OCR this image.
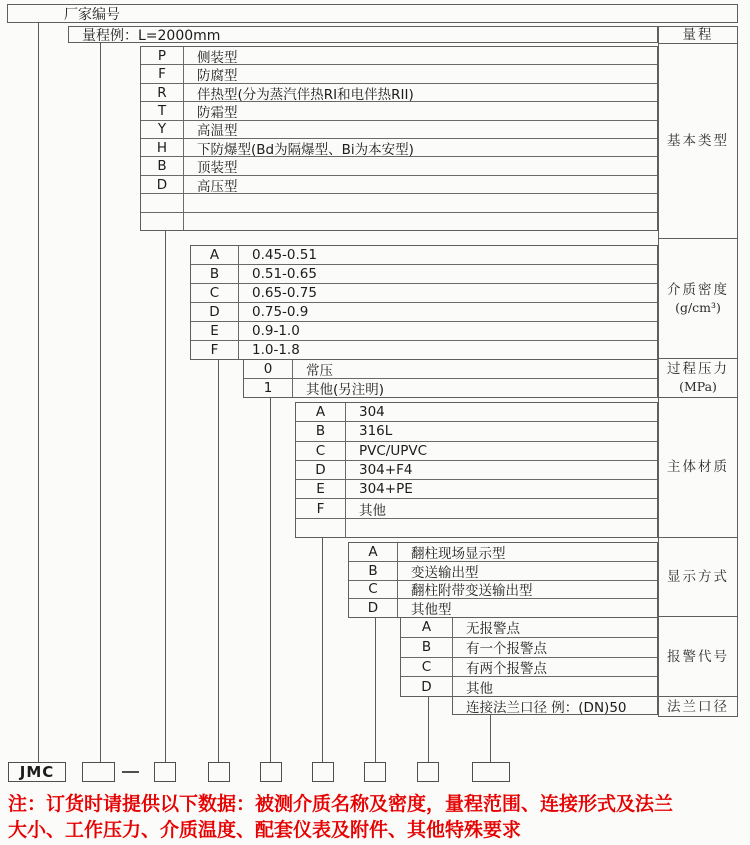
厂家编号
量程例：L=2000mm
P	侧装型
F	防腐型
R	伴热型(分为蒸汽伴热RI和电伴热RII)
T	防霜型
Y	高温型
H	下防爆型(Bd为隔爆型、Bi为本安型)
B	顶装型
D	高压型
A	0.45-0.51
B	0.51-0.65
C	0.65-0.75
D	0.75-0.9
E	0.9-1.0
F	1.0-1.8
0	常压
1	其他(另注明)
A	304
B	316L
C	PVC/UPVC
D	304+F4
E	304+PE
F	其他
A	翻柱现场显示型
B	变送输出型
C	翻柱附带变送输出型
D	其他型
A	无报警点
B	有一个报警点
C	有两个报警点
D	其他
连接法兰口径 例：(DN)50
量程
基本类型
介质密度
(g/cm³)
过程压力
(MPa)
主体材质
显示方式
报警代号
法兰口径
JMC
注：订货时请提供以下数据：被测介质名称及密度，量程范围、连接形式及法兰
大小、工作压力、介质温度、配套仪表及附件、其他特殊要求
